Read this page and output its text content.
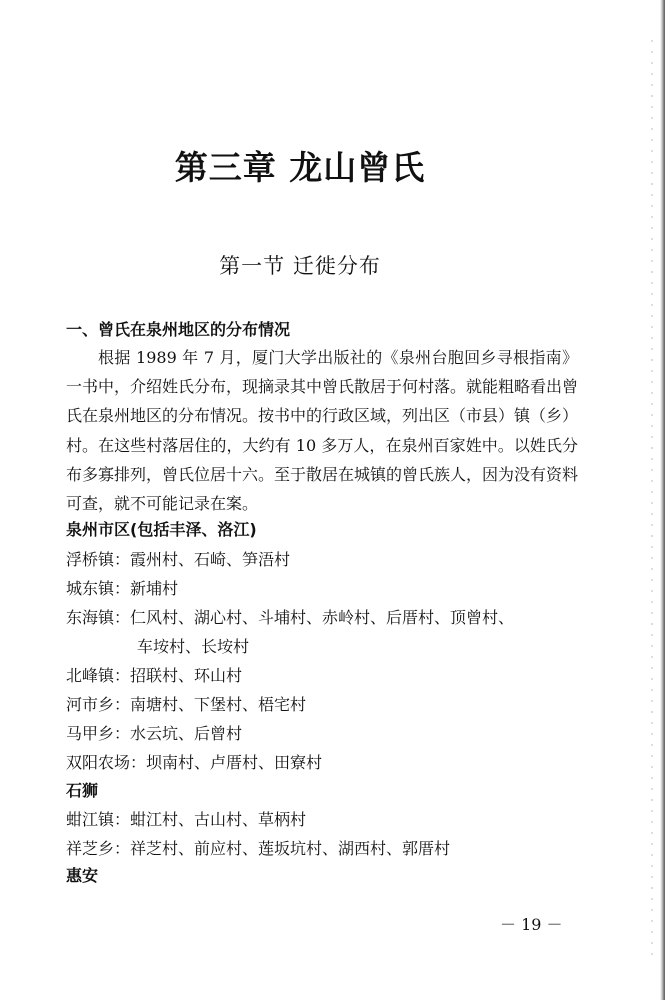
第三章 龙山曾氏
第一节 迁徙分布
一、曾氏在泉州地区的分布情况

根据 1989 年 7 月，厦门大学出版社的《泉州台胞回乡寻根指南》一书中，介绍姓氏分布，现摘录其中曾氏散居于何村落。就能粗略看出曾氏在泉州地区的分布情况。按书中的行政区域，列出区（市县）镇（乡）村。在这些村落居住的，大约有 10 多万人，在泉州百家姓中。以姓氏分布多寡排列，曾氏位居十六。至于散居在城镇的曾氏族人，因为没有资料可查，就不可能记录在案。

泉州市区(包括丰泽、洛江)
浮桥镇：霞州村、石崎、笋浯村
城东镇：新埔村
东海镇：仁风村、湖心村、斗埔村、赤岭村、后厝村、顶曾村、
车垵村、长垵村
北峰镇：招联村、环山村
河市乡：南塘村、下堡村、梧宅村
马甲乡：水云坑、后曾村
双阳农场：坝南村、卢厝村、田寮村
石狮
蚶江镇：蚶江村、古山村、草柄村
祥芝乡：祥芝村、前应村、莲坂坑村、湖西村、郭厝村
惠安
－ 19 －
